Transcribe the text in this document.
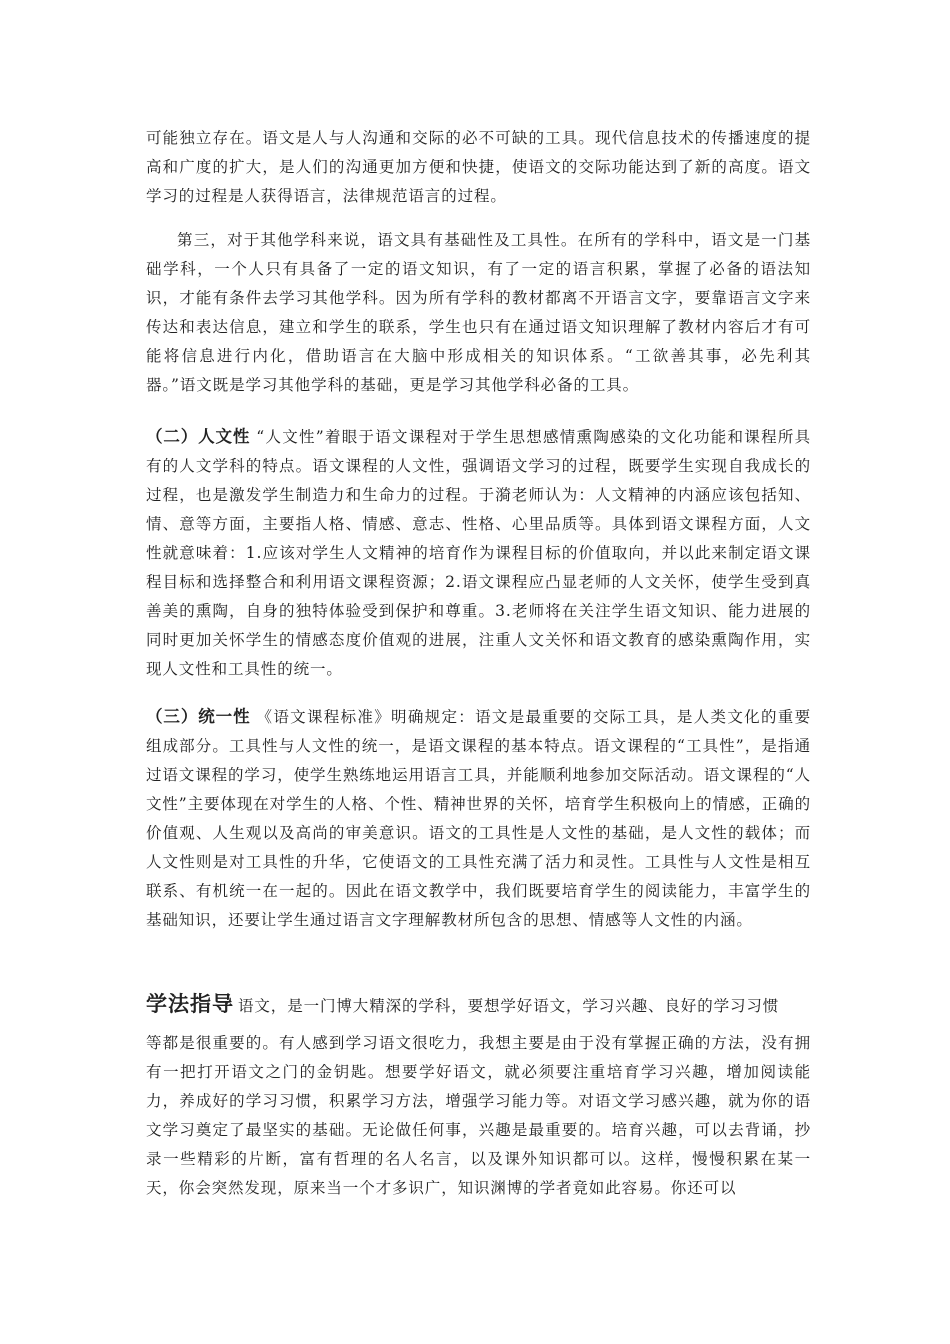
可能独立存在。语文是人与人沟通和交际的必不可缺的工具。现代信息技术的传播速度的提高和广度的扩大，是人们的沟通更加方便和快捷，使语文的交际功能达到了新的高度。语文学习的过程是人获得语言，法律规范语言的过程。

第三，对于其他学科来说，语文具有基础性及工具性。在所有的学科中，语文是一门基础学科，一个人只有具备了一定的语文知识，有了一定的语言积累，掌握了必备的语法知识，才能有条件去学习其他学科。因为所有学科的教材都离不开语言文字，要靠语言文字来传达和表达信息，建立和学生的联系，学生也只有在通过语文知识理解了教材内容后才有可能将信息进行内化，借助语言在大脑中形成相关的知识体系。“工欲善其事，必先利其器。”语文既是学习其他学科的基础，更是学习其他学科必备的工具。

（二）人文性 “人文性”着眼于语文课程对于学生思想感情熏陶感染的文化功能和课程所具有的人文学科的特点。语文课程的人文性，强调语文学习的过程，既要学生实现自我成长的过程，也是激发学生制造力和生命力的过程。于漪老师认为：人文精神的内涵应该包括知、情、意等方面，主要指人格、情感、意志、性格、心里品质等。具体到语文课程方面，人文性就意味着：1.应该对学生人文精神的培育作为课程目标的价值取向，并以此来制定语文课程目标和选择整合和利用语文课程资源；2.语文课程应凸显老师的人文关怀，使学生受到真善美的熏陶，自身的独特体验受到保护和尊重。3.老师将在关注学生语文知识、能力进展的同时更加关怀学生的情感态度价值观的进展，注重人文关怀和语文教育的感染熏陶作用，实现人文性和工具性的统一。

（三）统一性 《语文课程标准》明确规定：语文是最重要的交际工具，是人类文化的重要组成部分。工具性与人文性的统一，是语文课程的基本特点。语文课程的“工具性”，是指通过语文课程的学习，使学生熟练地运用语言工具，并能顺利地参加交际活动。语文课程的“人文性”主要体现在对学生的人格、个性、精神世界的关怀，培育学生积极向上的情感，正确的价值观、人生观以及高尚的审美意识。语文的工具性是人文性的基础，是人文性的载体；而人文性则是对工具性的升华，它使语文的工具性充满了活力和灵性。工具性与人文性是相互联系、有机统一在一起的。因此在语文教学中，我们既要培育学生的阅读能力，丰富学生的基础知识，还要让学生通过语言文字理解教材所包含的思想、情感等人文性的内涵。

学法指导 语文，是一门博大精深的学科，要想学好语文，学习兴趣、良好的学习习惯

等都是很重要的。有人感到学习语文很吃力，我想主要是由于没有掌握正确的方法，没有拥有一把打开语文之门的金钥匙。想要学好语文，就必须要注重培育学习兴趣，增加阅读能力，养成好的学习习惯，积累学习方法，增强学习能力等。对语文学习感兴趣，就为你的语文学习奠定了最坚实的基础。无论做任何事，兴趣是最重要的。培育兴趣，可以去背诵，抄录一些精彩的片断，富有哲理的名人名言，以及课外知识都可以。这样，慢慢积累在某一天，你会突然发现，原来当一个才多识广，知识渊博的学者竟如此容易。你还可以
